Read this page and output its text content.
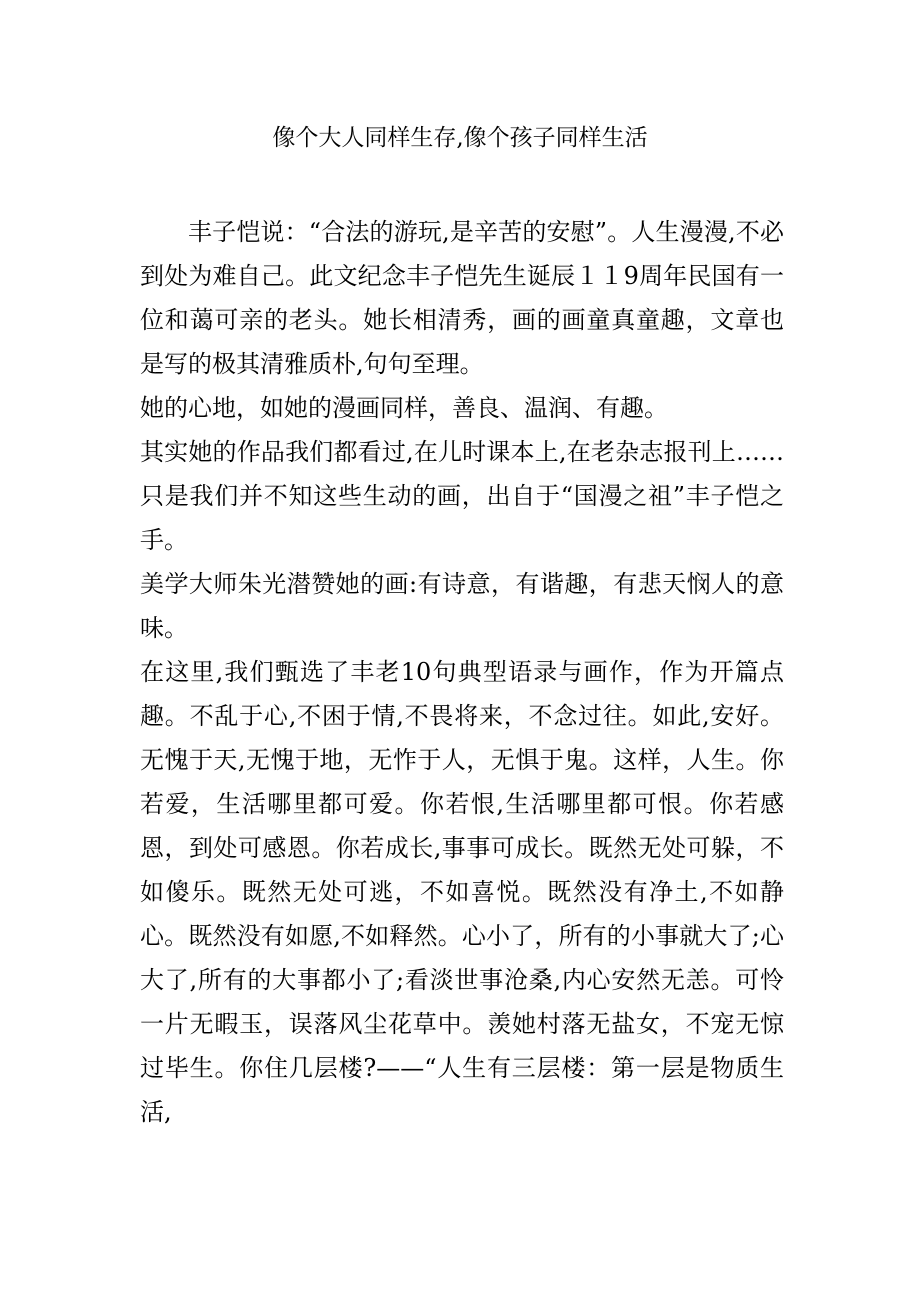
像个大人同样生存,像个孩子同样生活

丰子恺说：“合法的游玩,是辛苦的安慰”。人生漫漫,不必到处为难自己。此文纪念丰子恺先生诞辰１１9周年民国有一位和蔼可亲的老头。她长相清秀，画的画童真童趣，文章也是写的极其清雅质朴,句句至理。

她的心地，如她的漫画同样，善良、温润、有趣。

其实她的作品我们都看过,在儿时课本上,在老杂志报刊上……只是我们并不知这些生动的画，出自于“国漫之祖”丰子恺之手。

美学大师朱光潜赞她的画:有诗意，有谐趣，有悲天悯人的意味。

在这里,我们甄选了丰老10句典型语录与画作，作为开篇点趣。不乱于心,不困于情,不畏将来，不念过往。如此,安好。无愧于天,无愧于地，无怍于人，无惧于鬼。这样，人生。你若爱，生活哪里都可爱。你若恨,生活哪里都可恨。你若感恩，到处可感恩。你若成长,事事可成长。既然无处可躲，不如傻乐。既然无处可逃，不如喜悦。既然没有净土,不如静心。既然没有如愿,不如释然。心小了，所有的小事就大了;心大了,所有的大事都小了;看淡世事沧桑,内心安然无恙。可怜一片无暇玉，误落风尘花草中。羡她村落无盐女，不宠无惊过毕生。你住几层楼?——“人生有三层楼：第一层是物质生活,
